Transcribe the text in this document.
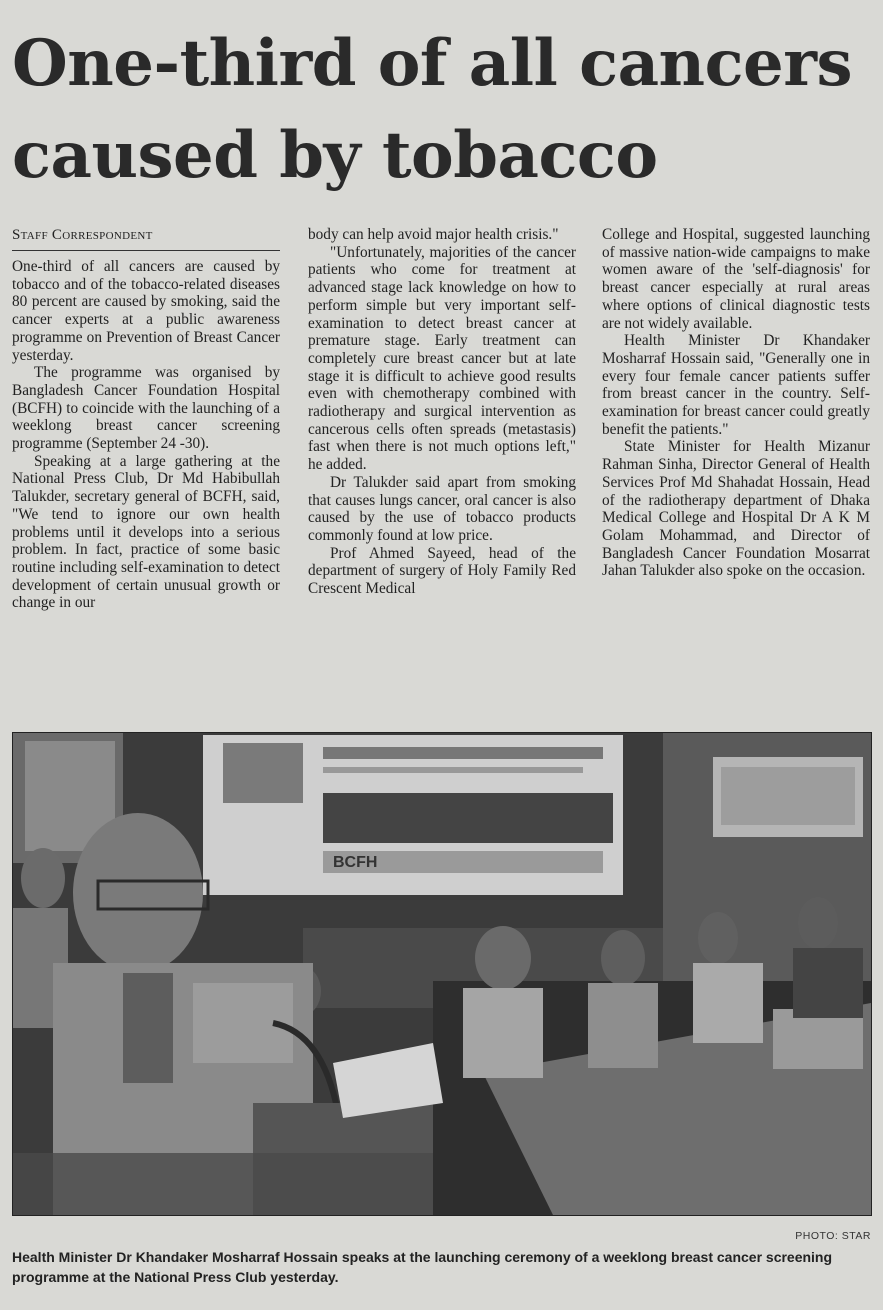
One-third of all cancers
caused by tobacco
Staff Correspondent

One-third of all cancers are caused by tobacco and of the tobacco-related diseases 80 percent are caused by smoking, said the cancer experts at a public awareness programme on Prevention of Breast Cancer yesterday.

The programme was organised by Bangladesh Cancer Foundation Hospital (BCFH) to coincide with the launching of a weeklong breast cancer screening programme (September 24 -30).

Speaking at a large gathering at the National Press Club, Dr Md Habibullah Talukder, secretary general of BCFH, said, "We tend to ignore our own health problems until it develops into a serious problem. In fact, practice of some basic routine including self-examination to detect development of certain unusual growth or change in our

body can help avoid major health crisis."

"Unfortunately, majorities of the cancer patients who come for treatment at advanced stage lack knowledge on how to perform simple but very important self-examination to detect breast cancer at premature stage. Early treatment can completely cure breast cancer but at late stage it is difficult to achieve good results even with chemotherapy combined with radiotherapy and surgical intervention as cancerous cells often spreads (metastasis) fast when there is not much options left," he added.

Dr Talukder said apart from smoking that causes lungs cancer, oral cancer is also caused by the use of tobacco products commonly found at low price.

Prof Ahmed Sayeed, head of the department of surgery of Holy Family Red Crescent Medical

College and Hospital, suggested launching of massive nation-wide campaigns to make women aware of the 'self-diagnosis' for breast cancer especially at rural areas where options of clinical diagnostic tests are not widely available.

Health Minister Dr Khandaker Mosharraf Hossain said, "Generally one in every four female cancer patients suffer from breast cancer in the country. Self-examination for breast cancer could greatly benefit the patients."

State Minister for Health Mizanur Rahman Sinha, Director General of Health Services Prof Md Shahadat Hossain, Head of the radiotherapy department of Dhaka Medical College and Hospital Dr A K M Golam Mohammad, and Director of Bangladesh Cancer Foundation Mosarrat Jahan Talukder also spoke on the occasion.

BCFH
PHOTO: STAR
Health Minister Dr Khandaker Mosharraf Hossain speaks at the launching ceremony of a weeklong breast cancer screening programme at the National Press Club yesterday.
